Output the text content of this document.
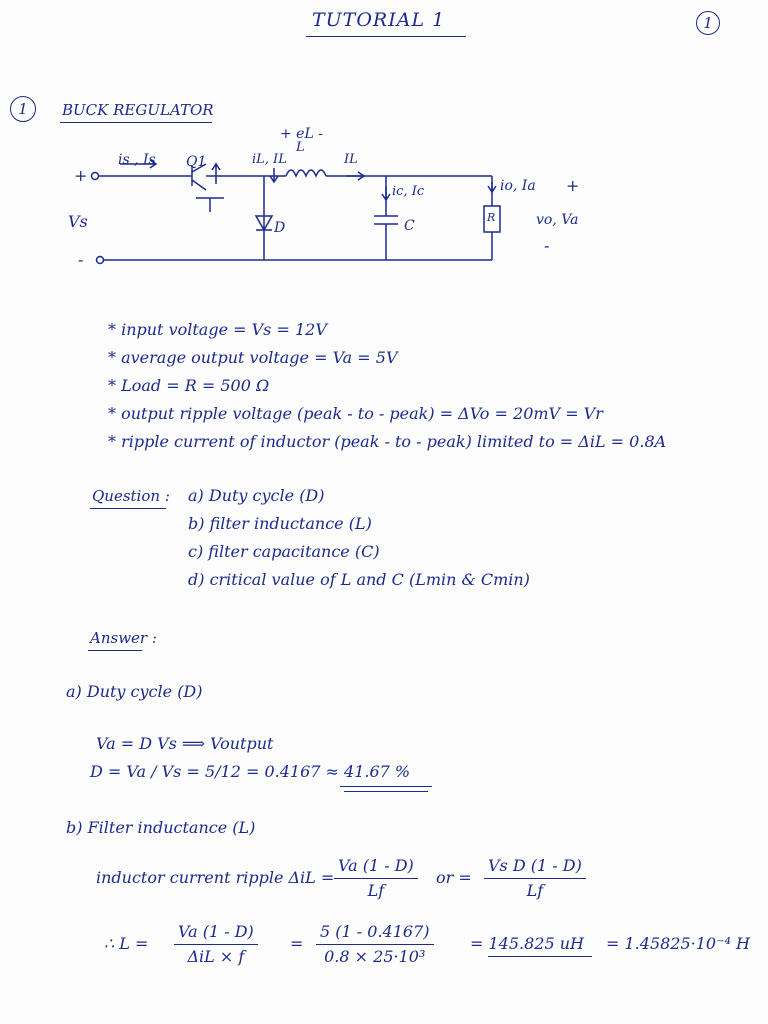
TUTORIAL 1	1
1	BUCK REGULATOR
+
Vs
-
is , Is Q1	iL, IL
+ eL -
L
IL
ic, Ic
C
D
R
io, Ia +
vo, Va
-
* input voltage = Vs = 12V
* average output voltage = Va = 5V
* Load = R = 500 Ω
* output ripple voltage (peak - to - peak) = ΔVo = 20mV = Vr
* ripple current of inductor (peak - to - peak) limited to = ΔiL = 0.8A
Question : a) Duty cycle (D)
b) filter inductance (L)
c) filter capacitance (C)
d) critical value of L and C (Lmin & Cmin)
Answer :
a) Duty cycle (D)
Va = D Vs ⟹ Voutput
D = Va / Vs = 5/12 = 0.4167 ≈ 41.67 %
b) Filter inductance (L)
inductor current ripple $\Delta iL = \frac{Va (1 - D)}{Lf}$ or = $\frac{\text{Vs D (1 - D)}}{Lf}$
∴ L =
Va (1 - D)
ΔiL × f
= $\frac{5 (1 - 0.4167)}{\text{0.8 × 25·10³}} = 145.825$ uH = 1.45825·10⁻⁴ H
